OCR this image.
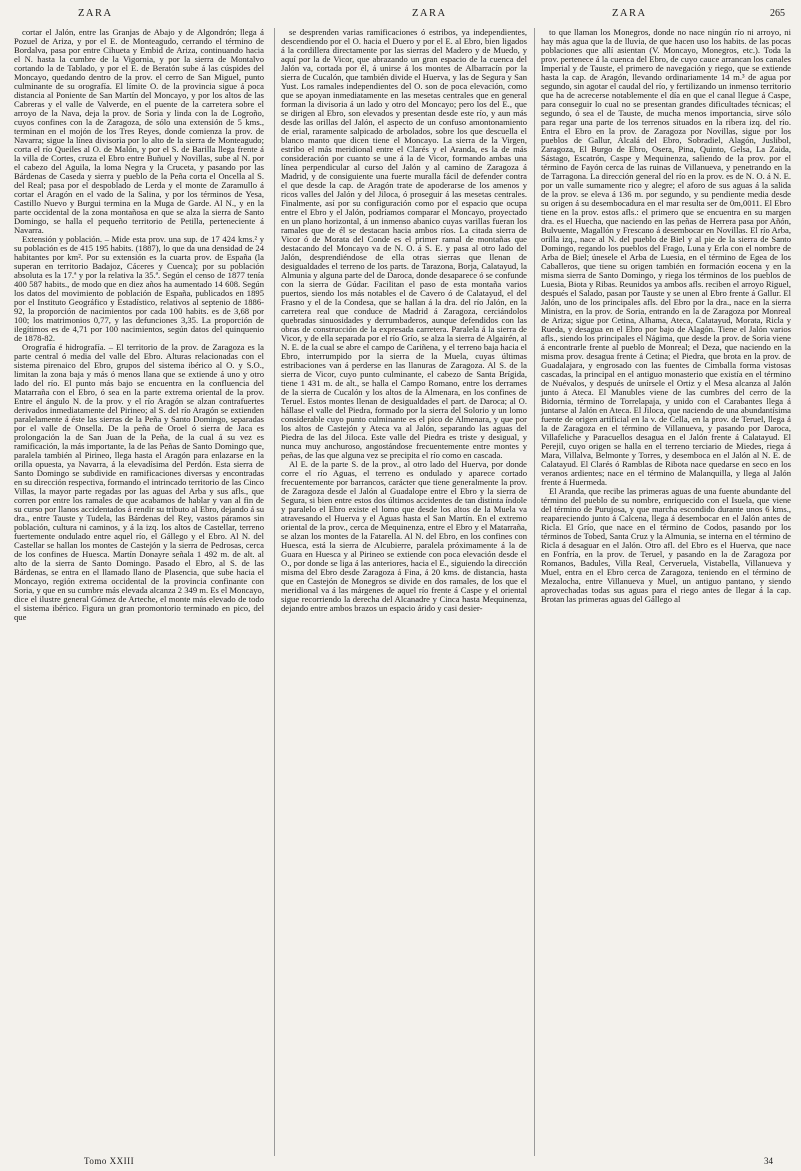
ZARA	ZARA	ZARA	265

cortar el Jalón, entre las Granjas de Abajo y de Algondrón; llega á Pozuel de Ariza, y por el E. de Monteagudo, cerrando el término de Bordalva, pasa por entre Cihueta y Embid de Ariza, continuando hacia el N. hasta la cumbre de la Vigornia, y por la sierra de Montalvo cortando la de Tablado, y por el E. de Beratón sube á las cúspides del Moncayo, quedando dentro de la prov. el cerro de San Miguel, punto culminante de su orografía. El límite O. de la provincia sigue á poca distancia al Poniente de San Martín del Moncayo, y por los altos de las Cabreras y el valle de Valverde, en el puente de la carretera sobre el arroyo de la Nava, deja la prov. de Soria y linda con la de Logroño, cuyos confines con la de Zaragoza, de sólo una extensión de 5 kms., terminan en el mojón de los Tres Reyes, donde comienza la prov. de Navarra; sigue la línea divisoria por lo alto de la sierra de Monteagudo; corta el río Queiles al O. de Malón, y por el S. de Barilla llega frente á la villa de Cortes, cruza el Ebro entre Buñuel y Novillas, sube al N. por el cabezo del Aguila, la loma Negra y la Cruceta, y pasando por las Bárdenas de Caseda y sierra y pueblo de la Peña corta el Oncella al S. del Real; pasa por el despoblado de Lerda y el monte de Zaramullo á cortar el Aragón en el vado de la Salina, y por los términos de Yesa, Castillo Nuevo y Burgui termina en la Muga de Garde. Al N., y en la parte occidental de la zona montañosa en que se alza la sierra de Santo Domingo, se halla el pequeño territorio de Petilla, perteneciente á Navarra.

Extensión y población. – Mide esta prov. una sup. de 17 424 kms.² y su población es de 415 195 habits. (1887), lo que da una densidad de 24 habitantes por km². Por su extensión es la cuarta prov. de España (la superan en territorio Badajoz, Cáceres y Cuenca); por su población absoluta es la 17.ª y por la relativa la 35.ª. Según el censo de 1877 tenía 400 587 habits., de modo que en diez años ha aumentado 14 608. Según los datos del movimiento de población de España, publicados en 1895 por el Instituto Geográfico y Estadístico, relativos al septenio de 1886-92, la proporción de nacimientos por cada 100 habits. es de 3,68 por 100; los matrimonios 0,77, y las defunciones 3,35. La proporción de ilegítimos es de 4,71 por 100 nacimientos, según datos del quinquenio de 1878-82.

Orografía é hidrografía. – El territorio de la prov. de Zaragoza es la parte central ó media del valle del Ebro. Alturas relacionadas con el sistema pirenaico del Ebro, grupos del sistema ibérico al O. y S.O., limitan la zona baja y más ó menos llana que se extiende á uno y otro lado del río. El punto más bajo se encuentra en la confluencia del Matarraña con el Ebro, ó sea en la parte extrema oriental de la prov. Entre el ángulo N. de la prov. y el río Aragón se alzan contrafuertes derivados inmediatamente del Pirineo; al S. del río Aragón se extienden paralelamente á éste las sierras de la Peña y Santo Domingo, separadas por el valle de Onsella. De la peña de Oroel ó sierra de Jaca es prolongación la de San Juan de la Peña, de la cual á su vez es ramificación, la más importante, la de las Peñas de Santo Domingo que, paralela también al Pirineo, llega hasta el Aragón para enlazarse en la orilla opuesta, ya Navarra, á la elevadísima del Perdón. Esta sierra de Santo Domingo se subdivide en ramificaciones diversas y encontradas en su dirección respectiva, formando el intrincado territorio de las Cinco Villas, la mayor parte regadas por las aguas del Arba y sus afls., que corren por entre los ramales de que acabamos de hablar y van al fin de su curso por llanos accidentados á rendir su tributo al Ebro, dejando á su dra., entre Tauste y Tudela, las Bárdenas del Rey, vastos páramos sin población, cultura ni caminos, y á la izq. los altos de Castellar, terreno fuertemente ondulado entre aquel río, el Gállego y el Ebro. Al N. del Castellar se hallan los montes de Castejón y la sierra de Pedrosas, cerca de los confines de Huesca. Martín Donayre señala 1 492 m. de alt. al alto de la sierra de Santo Domingo. Pasado el Ebro, al S. de las Bárdenas, se entra en el llamado llano de Plasencia, que sube hacia el Moncayo, región extrema occidental de la provincia confinante con Soria, y que en su cumbre más elevada alcanza 2 349 m. Es el Moncayo, dice el ilustre general Gómez de Arteche, el monte más elevado de todo el sistema ibérico. Figura un gran promontorio terminado en pico, del que

se desprenden varias ramificaciones ó estribos, ya independientes, descendiendo por el O. hacia el Duero y por el E. al Ebro, bien ligados á la cordillera directamente por las sierras del Madero y de Muedo, y aquí por la de Vicor, que abrazando un gran espacio de la cuenca del Jalón va, cortada por él, á unirse á los montes de Albarracín por la sierra de Cucalón, que también divide el Huerva, y las de Segura y San Yust. Los ramales independientes del O. son de poca elevación, como que se apoyan inmediatamente en las mesetas centrales que en general forman la divisoria á un lado y otro del Moncayo; pero los del E., que se dirigen al Ebro, son elevados y presentan desde este río, y aun más desde las orillas del Jalón, el aspecto de un confuso amontonamiento de erial, raramente salpicado de arbolados, sobre los que descuella el blanco manto que dicen tiene el Moncayo. La sierra de la Virgen, estribo el más meridional entre el Clarés y el Aranda, es la de más consideración por cuanto se une á la de Vicor, formando ambas una línea perpendicular al curso del Jalón y al camino de Zaragoza á Madrid, y de consiguiente una fuerte muralla fácil de defender contra el que desde la cap. de Aragón trate de apoderarse de los amenos y ricos valles del Jalón y del Jiloca, ó proseguir á las mesetas centrales. Finalmente, así por su configuración como por el espacio que ocupa entre el Ebro y el Jalón, podríamos comparar el Moncayo, proyectado en un plano horizontal, á un inmenso abanico cuyas varillas fueran los ramales que de él se destacan hacia ambos ríos. La citada sierra de Vicor ó de Morata del Conde es el primer ramal de montañas que destacando del Moncayo va de N. O. á S. E. y pasa al otro lado del Jalón, desprendiéndose de ella otras sierras que llenan de desigualdades el terreno de los parts. de Tarazona, Borja, Calatayud, la Almunia y alguna parte del de Daroca, donde desaparece ó se confunde con la sierra de Gúdar. Facilitan el paso de esta montaña varios puertos, siendo los más notables el de Cavero ó de Calatayud, el del Frasno y el de la Condesa, que se hallan á la dra. del río Jalón, en la carretera real que conduce de Madrid á Zaragoza, cerciándolos quebradas sinuosidades y derrumbaderos, aunque defendidos con las obras de construcción de la expresada carretera. Paralela á la sierra de Vicor, y de ella separada por el río Grío, se alza la sierra de Algairén, al N. E. de la cual se abre el campo de Cariñena, y el terreno baja hacia el Ebro, interrumpido por la sierra de la Muela, cuyas últimas estribaciones van á perderse en las llanuras de Zaragoza. Al S. de la sierra de Vicor, cuyo punto culminante, el cabezo de Santa Brígida, tiene 1 431 m. de alt., se halla el Campo Romano, entre los derrames de la sierra de Cucalón y los altos de la Almenara, en los confines de Teruel. Estos montes llenan de desigualdades el part. de Daroca; al O. hállase el valle del Piedra, formado por la sierra del Solorio y un lomo considerable cuyo punto culminante es el pico de Almenara, y que por los altos de Castejón y Ateca va al Jalón, separando las aguas del Piedra de las del Jiloca. Este valle del Piedra es triste y desigual, y nunca muy anchuroso, angostándose frecuentemente entre montes y peñas, de las que alguna vez se precipita el río como en cascada.

Al E. de la parte S. de la prov., al otro lado del Huerva, por donde corre el río Aguas, el terreno es ondulado y aparece cortado frecuentemente por barrancos, carácter que tiene generalmente la prov. de Zaragoza desde el Jalón al Guadalope entre el Ebro y la sierra de Segura, si bien entre estos dos últimos accidentes de tan distinta índole y paralelo el Ebro existe el lomo que desde los altos de la Muela va atravesando el Huerva y el Aguas hasta el San Martín. En el extremo oriental de la prov., cerca de Mequinenza, entre el Ebro y el Matarraña, se alzan los montes de la Fatarella. Al N. del Ebro, en los confines con Huesca, está la sierra de Alcubierre, paralela próximamente á la de Guara en Huesca y al Pirineo se extiende con poca elevación desde el O., por donde se liga á las anteriores, hacia el E., siguiendo la dirección misma del Ebro desde Zaragoza á Fina, á 20 kms. de distancia, hasta que en Castejón de Monegros se divide en dos ramales, de los que el meridional va á las márgenes de aquel río frente á Caspe y el oriental sigue recorriendo la derecha del Alcanadre y Cinca hasta Mequinenza, dejando entre ambos brazos un espacio árido y casi desier-

to que llaman los Monegros, donde no nace ningún río ni arroyo, ni hay más agua que la de lluvia, de que hacen uso los habits. de las pocas poblaciones que allí asientan (V. Moncayo, Monegros, etc.). Toda la prov. pertenece á la cuenca del Ebro, de cuyo cauce arrancan los canales Imperial y de Tauste, el primero de navegación y riego, que se extiende hasta la cap. de Aragón, llevando ordinariamente 14 m.³ de agua por segundo, sin agotar el caudal del río, y fertilizando un inmenso territorio que ha de acrecerse notablemente el día en que el canal llegue á Caspe, para conseguir lo cual no se presentan grandes dificultades técnicas; el segundo, ó sea el de Tauste, de mucha menos importancia, sirve sólo para regar una parte de los terrenos situados en la ribera izq. del río. Entra el Ebro en la prov. de Zaragoza por Novillas, sigue por los pueblos de Gallur, Alcalá del Ebro, Sobradiel, Alagón, Juslibol, Zaragoza, El Burgo de Ebro, Osera, Pina, Quinto, Gelsa, La Zaida, Sástago, Escatrón, Caspe y Mequinenza, saliendo de la prov. por el término de Fayón cerca de las ruinas de Villanueva, y penetrando en la de Tarragona. La dirección general del río en la prov. es de N. O. á N. E. por un valle sumamente rico y alegre; el aforo de sus aguas á la salida de la prov. se eleva á 136 m. por segundo, y su pendiente media desde su origen á su desembocadura en el mar resulta ser de 0m,0011. El Ebro tiene en la prov. estos afls.: el primero que se encuentra en su margen dra. es el Huecha, que naciendo en las peñas de Herrera pasa por Añón, Bulvuente, Magallón y Frescano á desembocar en Novillas. El río Arba, orilla izq., nace al N. del pueblo de Biel y al pie de la sierra de Santo Domingo, regando los pueblos del Frago, Luna y Erla con el nombre de Arba de Biel; únesele el Arba de Luesia, en el término de Egea de los Caballeros, que tiene su origen también en formación eocena y en la misma sierra de Santo Domingo, y riega los términos de los pueblos de Luesia, Biota y Ribas. Reunidos ya ambos afls. reciben el arroyo Riguel, después el Salado, pasan por Tauste y se unen al Ebro frente á Gallur. El Jalón, uno de los principales afls. del Ebro por la dra., nace en la sierra Ministra, en la prov. de Soria, entrando en la de Zaragoza por Monreal de Ariza; sigue por Cetina, Alhama, Ateca, Calatayud, Morata, Ricla y Rueda, y desagua en el Ebro por bajo de Alagón. Tiene el Jalón varios afls., siendo los principales el Nágima, que desde la prov. de Soria viene á encontrarle frente al pueblo de Monreal; el Deza, que naciendo en la misma prov. desagua frente á Cetina; el Piedra, que brota en la prov. de Guadalajara, y engrosado con las fuentes de Cimballa forma vistosas cascadas, la principal en el antiguo monasterio que existía en el término de Nuévalos, y después de unírsele el Ortiz y el Mesa alcanza al Jalón junto á Ateca. El Manubles viene de las cumbres del cerro de la Bidornia, término de Torrelapaja, y unido con el Carabantes llega á juntarse al Jalón en Ateca. El Jiloca, que naciendo de una abundantísima fuente de origen artificial en la v. de Cella, en la prov. de Teruel, llega á la de Zaragoza en el término de Villanueva, y pasando por Daroca, Villafeliche y Paracuellos desagua en el Jalón frente á Calatayud. El Perejil, cuyo origen se halla en el terreno terciario de Miedes, riega á Mara, Villalva, Belmonte y Torres, y desemboca en el Jalón al N. E. de Calatayud. El Clarés ó Ramblas de Ribota nace quedarse en seco en los veranos ardientes; nace en el término de Malanquilla, y llega al Jalón frente á Huermeda.

El Aranda, que recibe las primeras aguas de una fuente abundante del término del pueblo de su nombre, enriquecido con el Isuela, que viene del término de Purujosa, y que marcha escondido durante unos 6 kms., reapareciendo junto á Calcena, llega á desembocar en el Jalón antes de Ricla. El Grío, que nace en el término de Codos, pasando por los términos de Tobed, Santa Cruz y la Almunia, se interna en el término de Ricla á desaguar en el Jalón. Otro afl. del Ebro es el Huerva, que nace en Fonfría, en la prov. de Teruel, y pasando en la de Zaragoza por Romanos, Badules, Villa Real, Cerveruela, Vistabella, Villanueva y Muel, entra en el Ebro cerca de Zaragoza, teniendo en el término de Mezalocha, entre Villanueva y Muel, un antiguo pantano, y siendo aprovechadas todas sus aguas para el riego antes de llegar á la cap. Brotan las primeras aguas del Gállego al

Tomo XXIII	34
